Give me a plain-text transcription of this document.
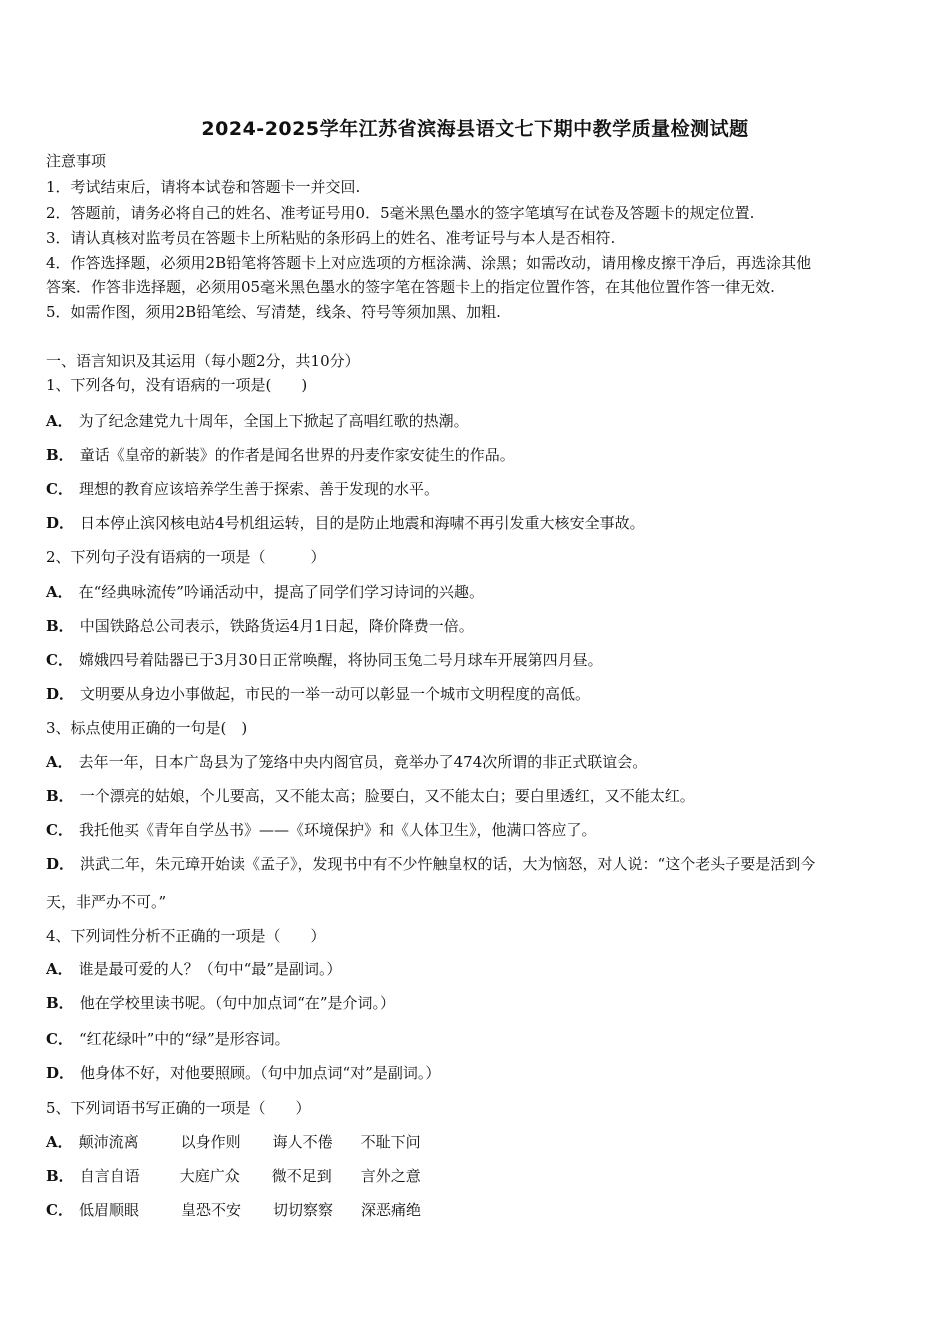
2024-2025学年江苏省滨海县语文七下期中教学质量检测试题
注意事项
1．考试结束后，请将本试卷和答题卡一并交回.
2．答题前，请务必将自己的姓名、准考证号用0．5毫米黑色墨水的签字笔填写在试卷及答题卡的规定位置.
3．请认真核对监考员在答题卡上所粘贴的条形码上的姓名、准考证号与本人是否相符.
4．作答选择题，必须用2B铅笔将答题卡上对应选项的方框涂满、涂黑；如需改动，请用橡皮擦干净后，再选涂其他
答案．作答非选择题，必须用05毫米黑色墨水的签字笔在答题卡上的指定位置作答，在其他位置作答一律无效.
5．如需作图，须用2B铅笔绘、写清楚，线条、符号等须加黑、加粗.
一、语言知识及其运用（每小题2分，共10分）
1、下列各句，没有语病的一项是(　　)
A． 为了纪念建党九十周年，全国上下掀起了高唱红歌的热潮。
B． 童话《皇帝的新装》的作者是闻名世界的丹麦作家安徒生的作品。
C． 理想的教育应该培养学生善于探索、善于发现的水平。
D． 日本停止滨冈核电站4号机组运转，目的是防止地震和海啸不再引发重大核安全事故。
2、下列句子没有语病的一项是（　　　）
A． 在“经典咏流传”吟诵活动中，提高了同学们学习诗词的兴趣。
B． 中国铁路总公司表示，铁路货运4月1日起，降价降费一倍。
C． 嫦娥四号着陆器已于3月30日正常唤醒，将协同玉兔二号月球车开展第四月昼。
D． 文明要从身边小事做起，市民的一举一动可以彰显一个城市文明程度的高低。
3、标点使用正确的一句是(　)
A． 去年一年，日本广岛县为了笼络中央内阁官员，竟举办了474次所谓的非正式联谊会。
B． 一个漂亮的姑娘，个儿要高，又不能太高；脸要白，又不能太白；要白里透红，又不能太红。
C． 我托他买《青年自学丛书》——《环境保护》和《人体卫生》，他满口答应了。
D． 洪武二年，朱元璋开始读《孟子》，发现书中有不少忤触皇权的话，大为恼怒，对人说：“这个老头子要是活到今
天，非严办不可。”
4、下列词性分析不正确的一项是（　　）
A． 谁是最可爱的人？（句中“最”是副词。）
B． 他在学校里读书呢。（句中加点词“在”是介词。）
C． “红花绿叶”中的“绿”是形容词。
D． 他身体不好，对他要照顾。（句中加点词“对”是副词。）
5、下列词语书写正确的一项是（　　）
A． 颠沛流离	以身作则 诲人不倦 不耻下问
B． 自言自语	大庭广众 微不足到 言外之意
C． 低眉顺眼	皇恐不安 切切察察 深恶痛绝
